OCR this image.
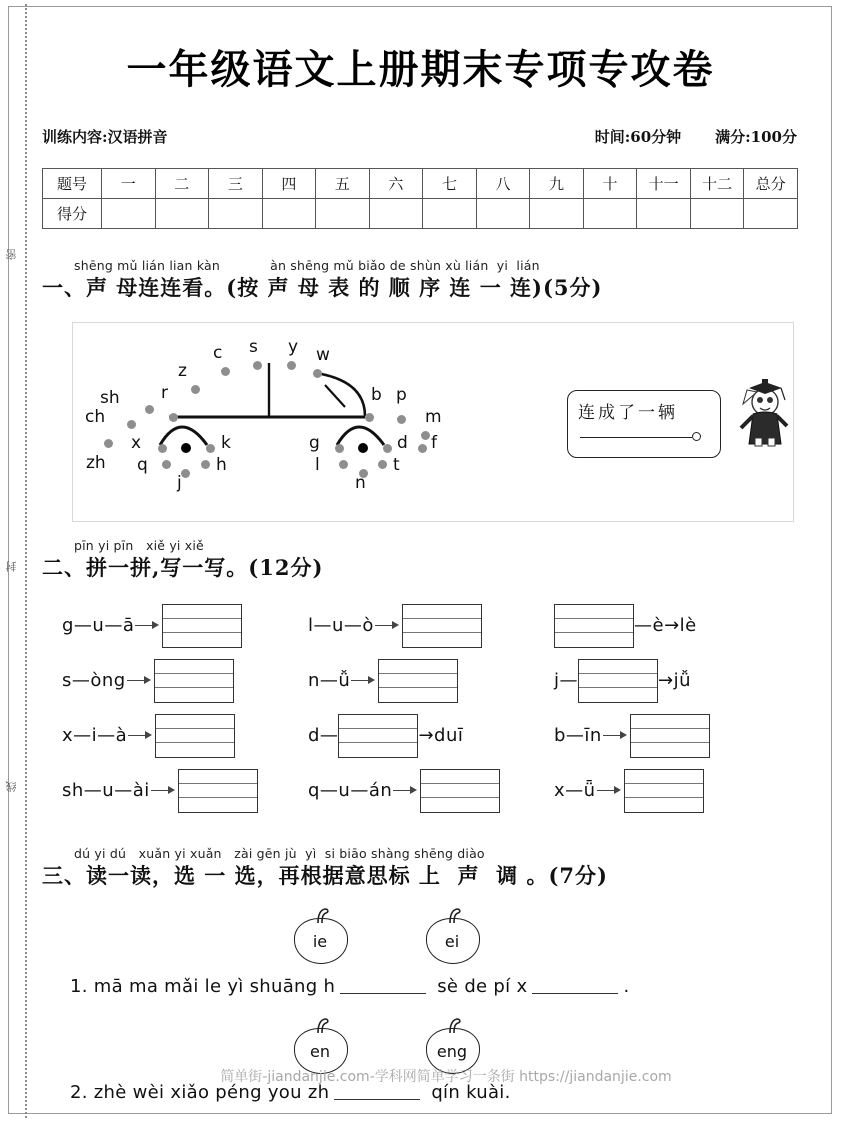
密
封
线
一年级语文上册期末专项专攻卷
训练内容:汉语拼音	时间:60分钟 满分:100分
题号	一	二	三	四	五	六	七	八	九	十	十一	十二	总分
得分													
shēng mǔ lián lian kàn            àn shēng mǔ biǎo de shùn xù lián  yi  lián
一、声 母连连看。(按 声 母 表 的 顺 序 连 一 连)(5分)
z
c s y w
r
sh
ch
b p
m
zh
x	k
q	h
j
g	d f
l	t
n
连成了一辆
pīn yi pīn   xiě yi xiě
二、拼一拼,写一写。(12分)
g—u—ā	l—u—ò	—è→lè
s—òng	n—ǚ	j—	→jǚ
x—i—à	d—	→duī	b—īn
sh—u—ài	q—u—án	x—ǖ
dú yi dú   xuǎn yi xuǎn   zài gēn jù  yì  si biāo shàng shēng diào
三、读一读，选 一 选，再根据意思标 上  声  调 。(7分)
ie	ei
1. mā ma mǎi le yì shuāng h	sè de pí x	.
en	eng
2. zhè wèi xiǎo péng you zh	qín kuài.
简单街-jiandanjie.com-学科网简单学习一条街 https://jiandanjie.com
